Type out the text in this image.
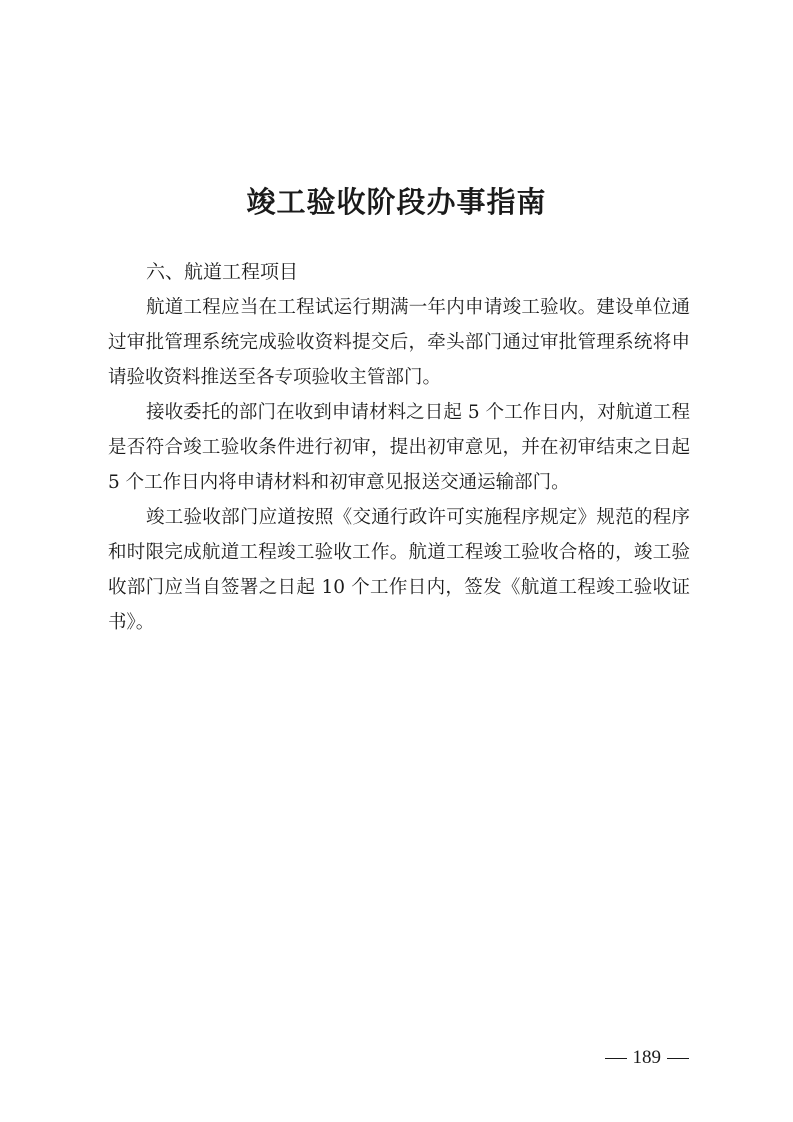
竣工验收阶段办事指南
六、航道工程项目

航道工程应当在工程试运行期满一年内申请竣工验收。建设单位通过审批管理系统完成验收资料提交后，牵头部门通过审批管理系统将申请验收资料推送至各专项验收主管部门。

接收委托的部门在收到申请材料之日起 5 个工作日内，对航道工程是否符合竣工验收条件进行初审，提出初审意见，并在初审结束之日起 5 个工作日内将申请材料和初审意见报送交通运输部门。

竣工验收部门应道按照《交通行政许可实施程序规定》规范的程序和时限完成航道工程竣工验收工作。航道工程竣工验收合格的，竣工验收部门应当自签署之日起 10 个工作日内，签发《航道工程竣工验收证书》。

189
